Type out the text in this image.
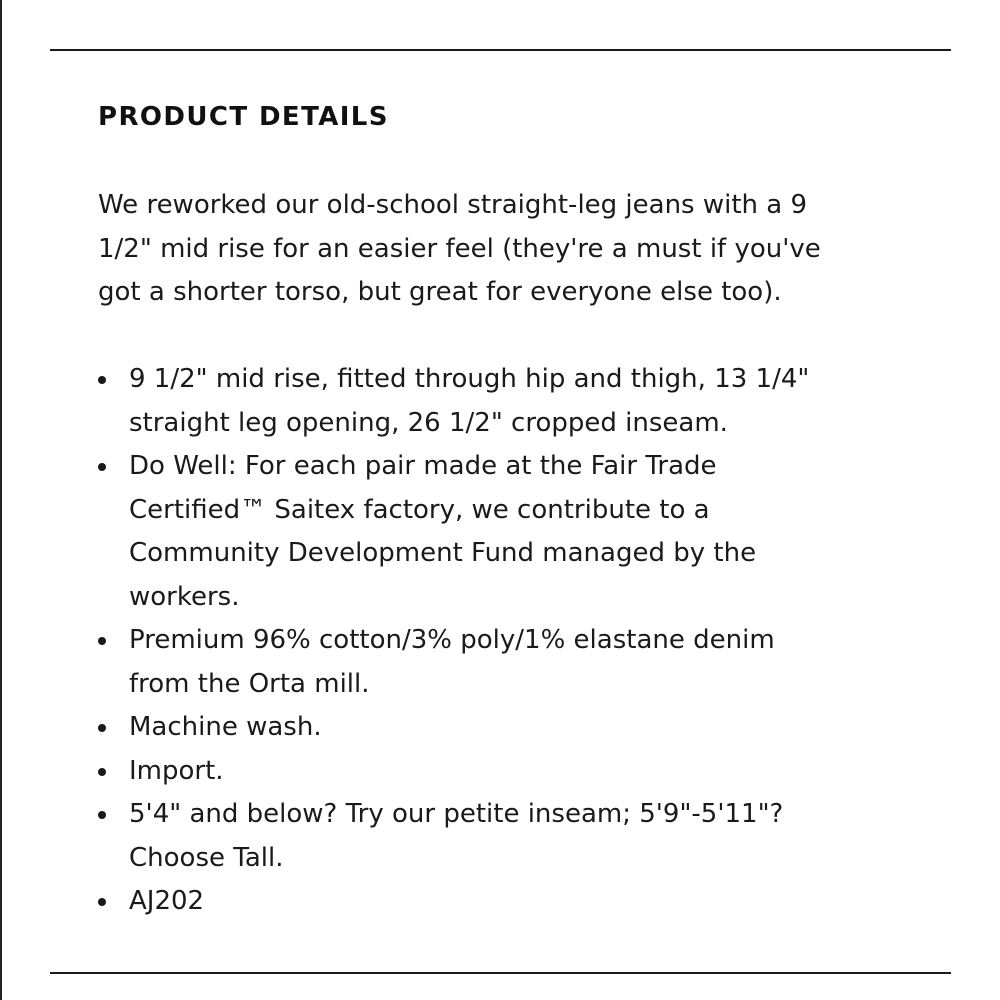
PRODUCT DETAILS

We reworked our old-school straight-leg jeans with a 9 1/2" mid rise for an easier feel (they're a must if you've got a shorter torso, but great for everyone else too).

9 1/2" mid rise, fitted through hip and thigh, 13 1/4" straight leg opening, 26 1/2" cropped inseam.
Do Well: For each pair made at the Fair Trade Certified™ Saitex factory, we contribute to a Community Development Fund managed by the workers.
Premium 96% cotton/3% poly/1% elastane denim from the Orta mill.
Machine wash.
Import.
5'4" and below? Try our petite inseam; 5'9"-5'11"? Choose Tall.
AJ202
